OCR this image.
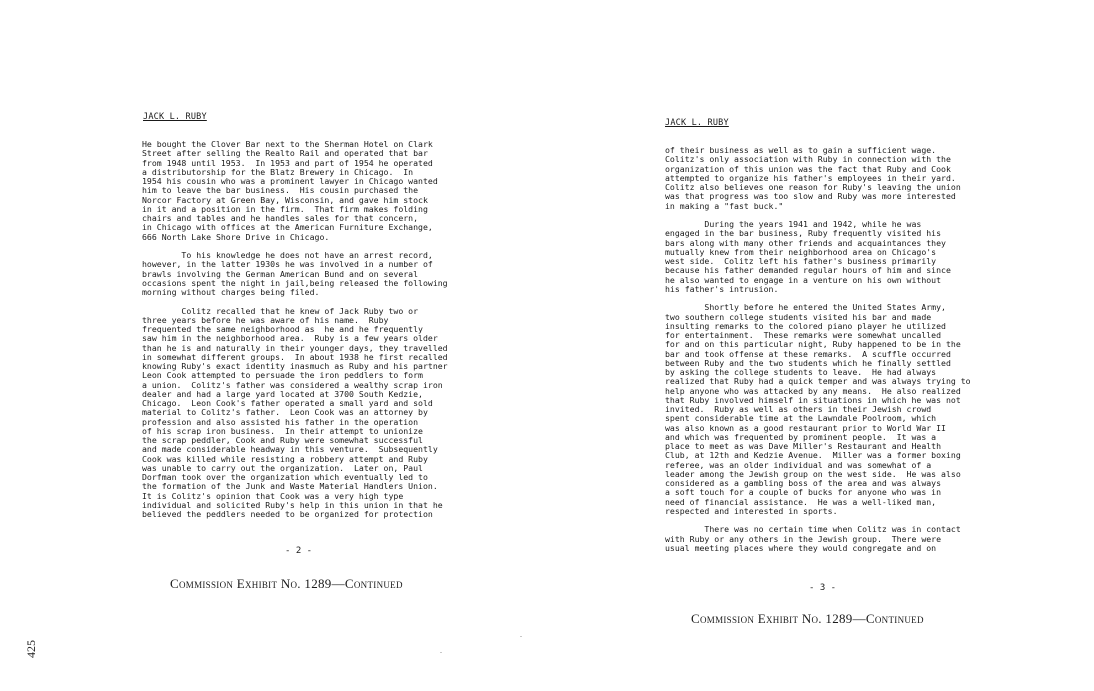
JACK L. RUBY
He bought the Clover Bar next to the Sherman Hotel on Clark
Street after selling the Realto Rail and operated that bar
from 1948 until 1953.  In 1953 and part of 1954 he operated
a distributorship for the Blatz Brewery in Chicago.  In
1954 his cousin who was a prominent lawyer in Chicago wanted
him to leave the bar business.  His cousin purchased the
Norcor Factory at Green Bay, Wisconsin, and gave him stock
in it and a position in the firm.  That firm makes folding
chairs and tables and he handles sales for that concern,
in Chicago with offices at the American Furniture Exchange,
666 North Lake Shore Drive in Chicago.

To his knowledge he does not have an arrest record,
however, in the latter 1930s he was involved in a number of
brawls involving the German American Bund and on several
occasions spent the night in jail,being released the following
morning without charges being filed.

Colitz recalled that he knew of Jack Ruby two or
three years before he was aware of his name.  Ruby
frequented the same neighborhood as  he and he frequently
saw him in the neighborhood area.  Ruby is a few years older
than he is and naturally in their younger days, they travelled
in somewhat different groups.  In about 1938 he first recalled
knowing Ruby's exact identity inasmuch as Ruby and his partner
Leon Cook attempted to persuade the iron peddlers to form
a union.  Colitz's father was considered a wealthy scrap iron
dealer and had a large yard located at 3700 South Kedzie,
Chicago.  Leon Cook's father operated a small yard and sold
material to Colitz's father.  Leon Cook was an attorney by
profession and also assisted his father in the operation
of his scrap iron business.  In their attempt to unionize
the scrap peddler, Cook and Ruby were somewhat successful
and made considerable headway in this venture.  Subsequently
Cook was killed while resisting a robbery attempt and Ruby
was unable to carry out the organization.  Later on, Paul
Dorfman took over the organization which eventually led to
the formation of the Junk and Waste Material Handlers Union.
It is Colitz's opinion that Cook was a very high type
individual and solicited Ruby's help in this union in that he
believed the peddlers needed to be organized for protection
- 2 -
Commission Exhibit No. 1289—Continued
425
JACK L. RUBY
of their business as well as to gain a sufficient wage.
Colitz's only association with Ruby in connection with the
organization of this union was the fact that Ruby and Cook
attempted to organize his father's employees in their yard.
Colitz also believes one reason for Ruby's leaving the union
was that progress was too slow and Ruby was more interested
in making a "fast buck."

During the years 1941 and 1942, while he was
engaged in the bar business, Ruby frequently visited his
bars along with many other friends and acquaintances they
mutually knew from their neighborhood area on Chicago's
west side.  Colitz left his father's business primarily
because his father demanded regular hours of him and since
he also wanted to engage in a venture on his own without
his father's intrusion.

Shortly before he entered the United States Army,
two southern college students visited his bar and made
insulting remarks to the colored piano player he utilized
for entertainment.  These remarks were somewhat uncalled
for and on this particular night, Ruby happened to be in the
bar and took offense at these remarks.  A scuffle occurred
between Ruby and the two students which he finally settled
by asking the college students to leave.  He had always
realized that Ruby had a quick temper and was always trying to
help anyone who was attacked by any means.  He also realized
that Ruby involved himself in situations in which he was not
invited.  Ruby as well as others in their Jewish crowd
spent considerable time at the Lawndale Poolroom, which
was also known as a good restaurant prior to World War II
and which was frequented by prominent people.  It was a
place to meet as was Dave Miller's Restaurant and Health
Club, at 12th and Kedzie Avenue.  Miller was a former boxing
referee, was an older individual and was somewhat of a
leader among the Jewish group on the west side.  He was also
considered as a gambling boss of the area and was always
a soft touch for a couple of bucks for anyone who was in
need of financial assistance.  He was a well-liked man,
respected and interested in sports.

There was no certain time when Colitz was in contact
with Ruby or any others in the Jewish group.  There were
usual meeting places where they would congregate and on
- 3 -
Commission Exhibit No. 1289—Continued
